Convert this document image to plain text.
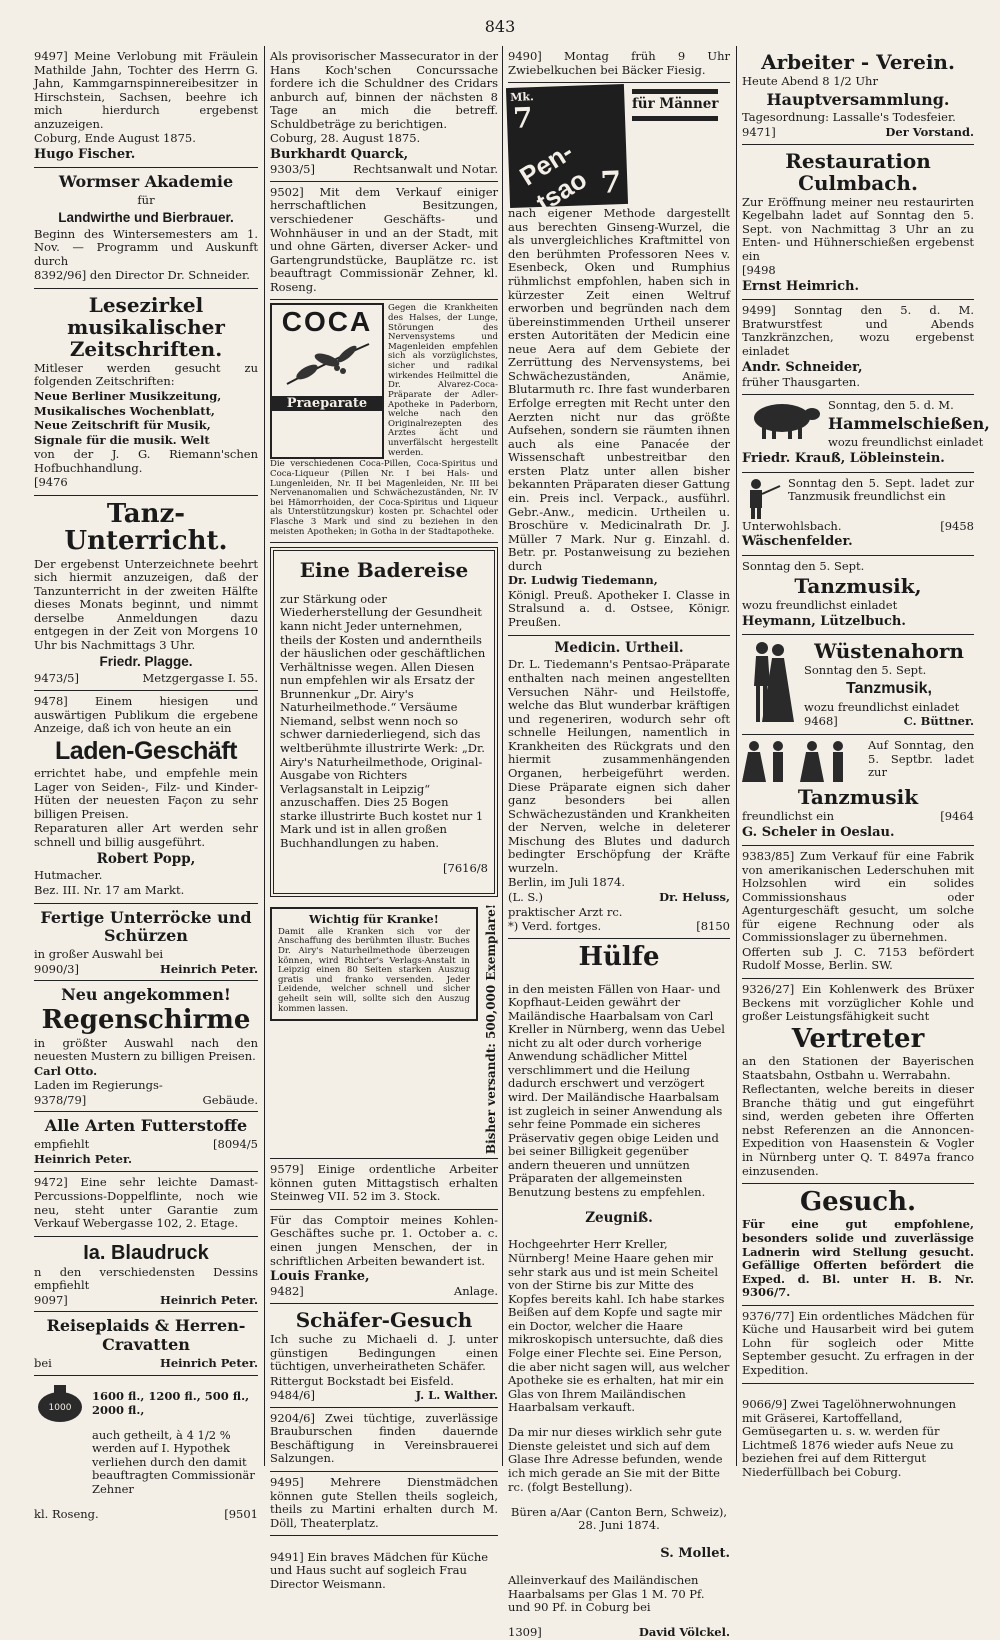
843

9497] Meine Verlobung mit Fräulein Mathilde Jahn, Tochter des Herrn G. Jahn, Kammgarnspinnereibesitzer in Hirschstein, Sachsen, beehre ich mich hierdurch ergebenst anzuzeigen.

Coburg, Ende August 1875.

Hugo Fischer.

Wormser Akademie
für
Landwirthe und Bierbrauer.

Beginn des Wintersemesters am 1. Nov. — Programm und Auskunft durch

8392/96] den Director Dr. Schneider.

Lesezirkel musikalischer Zeitschriften.

Mitleser werden gesucht zu folgenden Zeitschriften:

Neue Berliner Musikzeitung,

Musikalisches Wochenblatt,

Neue Zeitschrift für Musik,

Signale für die musik. Welt

von der J. G. Riemann'schen Hofbuchhandlung.

[9476

Tanz-Unterricht.

Der ergebenst Unterzeichnete beehrt sich hiermit anzuzeigen, daß der Tanzunterricht in der zweiten Hälfte dieses Monats beginnt, und nimmt derselbe Anmeldungen dazu entgegen in der Zeit von Morgens 10 Uhr bis Nachmittags 3 Uhr.

Friedr. Plagge.
9473/5]	Metzgergasse I. 55.

9478] Einem hiesigen und auswärtigen Publikum die ergebene Anzeige, daß ich von heute an ein

Laden-Geschäft

errichtet habe, und empfehle mein Lager von Seiden-, Filz- und Kinder-Hüten der neuesten Façon zu sehr billigen Preisen.

Reparaturen aller Art werden sehr schnell und billig ausgeführt.

Robert Popp,

Hutmacher.

Bez. III. Nr. 17 am Markt.

Fertige Unterröcke und Schürzen

in großer Auswahl bei

9090/3]	Heinrich Peter.
Neu angekommen!
Regenschirme

in größter Auswahl nach den neuesten Mustern zu billigen Preisen.

Carl Otto.

Laden im Regierungs-

9378/79]	Gebäude.
Alle Arten Futterstoffe
empfiehlt	[8094/5

Heinrich Peter.

9472] Eine sehr leichte Damast-Percussions-Doppelflinte, noch wie neu, steht unter Garantie zum Verkauf Webergasse 102, 2. Etage.

Ia. Blaudruck

n den verschiedensten Dessins empfiehlt

9097]	Heinrich Peter.
Reiseplaids & Herren-Cravatten
bei	Heinrich Peter.
1000

1600 fl., 1200 fl., 500 fl., 2000 fl.,

auch getheilt, à 4 1/2 % werden auf I. Hypothek verliehen durch den damit beauftragten Commissionär Zehner

kl. Roseng.	[9501

Als provisorischer Massecurator in der Hans Koch'schen Concurssache fordere ich die Schuldner des Cridars anburch auf, binnen der nächsten 8 Tage an mich die betreff. Schuldbeträge zu berichtigen.

Coburg, 28. August 1875.

Burkhardt Quarck,

9303/5]	Rechtsanwalt und Notar.

9502] Mit dem Verkauf einiger herrschaftlichen Besitzungen, verschiedener Geschäfts- und Wohnhäuser in und an der Stadt, mit und ohne Gärten, diverser Acker- und Gartengrundstücke, Bauplätze rc. ist beauftragt Commissionär Zehner, kl. Roseng.

COCA
Praeparate

Gegen die Krankheiten des Halses, der Lunge, Störungen des Nervensystems und Magenleiden empfehlen sich als vorzüglichstes, sicher und radikal wirkendes Heilmittel die Dr. Alvarez-Coca-Präparate der Adler-Apotheke in Paderborn, welche nach den Originalrezepten des Arztes ächt und unverfälscht hergestellt werden.

Die verschiedenen Coca-Pillen, Coca-Spiritus und Coca-Liqueur (Pillen Nr. I bei Hals- und Lungenleiden, Nr. II bei Magenleiden, Nr. III bei Nervenanomalien und Schwächezuständen, Nr. IV bei Hämorrhoiden, der Coca-Spiritus und Liqueur als Unterstützungskur) kosten pr. Schachtel oder Flasche 3 Mark und sind zu beziehen in den meisten Apotheken; in Gotha in der Stadtapotheke.

Eine Badereise

zur Stärkung oder Wiederherstellung der Gesundheit kann nicht Jeder unternehmen, theils der Kosten und anderntheils der häuslichen oder geschäftlichen Verhältnisse wegen. Allen Diesen nun empfehlen wir als Ersatz der Brunnenkur „Dr. Airy's Naturheilmethode.“ Versäume Niemand, selbst wenn noch so schwer darniederliegend, sich das weltberühmte illustrirte Werk: „Dr. Airy's Naturheilmethode, Original-Ausgabe von Richters Verlagsanstalt in Leipzig“ anzuschaffen. Dies 25 Bogen starke illustrirte Buch kostet nur 1 Mark und ist in allen großen Buchhandlungen zu haben.

[7616/8

Wichtig für Kranke!

Damit alle Kranken sich vor der Anschaffung des berühmten illustr. Buches Dr. Airy's Naturheilmethode überzeugen können, wird Richter's Verlags-Anstalt in Leipzig einen 80 Seiten starken Auszug gratis und franko versenden. Jeder Leidende, welcher schnell und sicher geheilt sein will, sollte sich den Auszug kommen lassen.	Bisher versandt: 500,000 Exemplare!

9579] Einige ordentliche Arbeiter können guten Mittagstisch erhalten Steinweg VII. 52 im 3. Stock.

Für das Comptoir meines Kohlen-Geschäftes suche pr. 1. October a. c. einen jungen Menschen, der in schriftlichen Arbeiten bewandert ist.

Louis Franke,

9482]	Anlage.
Schäfer-Gesuch

Ich suche zu Michaeli d. J. unter günstigen Bedingungen einen tüchtigen, unverheiratheten Schäfer.

Rittergut Bockstadt bei Eisfeld.

9484/6]	J. L. Walther.

9204/6] Zwei tüchtige, zuverlässige Brauburschen finden dauernde Beschäftigung in Vereinsbrauerei Salzungen.

9495] Mehrere Dienstmädchen können gute Stellen theils sogleich, theils zu Martini erhalten durch M. Döll, Theaterplatz.

9491] Ein braves Mädchen für Küche und Haus sucht auf sogleich Frau Director Weismann.

9490] Montag früh 9 Uhr Zwiebelkuchen bei Bäcker Fiesig.

Mk.
7
Pen-tsao 7
für Männer

nach eigener Methode dargestellt aus berechten Ginseng-Wurzel, die als unvergleichliches Kraftmittel von den berühmten Professoren Nees v. Esenbeck, Oken und Rumphius rühmlichst empfohlen, haben sich in kürzester Zeit einen Weltruf erworben und begründen nach dem übereinstimmenden Urtheil unserer ersten Autoritäten der Medicin eine neue Aera auf dem Gebiete der Zerrüttung des Nervensystems, bei Schwächezuständen, Anämie, Blutarmuth rc. Ihre fast wunderbaren Erfolge erregten mit Recht unter den Aerzten nicht nur das größte Aufsehen, sondern sie räumten ihnen auch als eine Panacée der Wissenschaft unbestreitbar den ersten Platz unter allen bisher bekannten Präparaten dieser Gattung ein. Preis incl. Verpack., ausführl. Gebr.-Anw., medicin. Urtheilen u. Broschüre v. Medicinalrath Dr. J. Müller 7 Mark. Nur g. Einzahl. d. Betr. pr. Postanweisung zu beziehen durch

Dr. Ludwig Tiedemann,

Königl. Preuß. Apotheker I. Classe in Stralsund a. d. Ostsee, Königr. Preußen.

Medicin. Urtheil.

Dr. L. Tiedemann's Pentsao-Präparate enthalten nach meinen angestellten Versuchen Nähr- und Heilstoffe, welche das Blut wunderbar kräftigen und regeneriren, wodurch sehr oft schnelle Heilungen, namentlich in Krankheiten des Rückgrats und den hiermit zusammenhängenden Organen, herbeigeführt werden. Diese Präparate eignen sich daher ganz besonders bei allen Schwächezuständen und Krankheiten der Nerven, welche in deleterer Mischung des Blutes und dadurch bedingter Erschöpfung der Kräfte wurzeln.

Berlin, im Juli 1874.

(L. S.)	Dr. Heluss,

praktischer Arzt rc.

*) Verd. fortges.	[8150
Hülfe

in den meisten Fällen von Haar- und Kopfhaut-Leiden gewährt der Mailändische Haarbalsam von Carl Kreller in Nürnberg, wenn das Uebel nicht zu alt oder durch vorherige Anwendung schädlicher Mittel verschlimmert und die Heilung dadurch erschwert und verzögert wird. Der Mailändische Haarbalsam ist zugleich in seiner Anwendung als sehr feine Pommade ein sicheres Präservativ gegen obige Leiden und bei seiner Billigkeit gegenüber andern theueren und unnützen Präparaten der allgemeinsten Benutzung bestens zu empfehlen.

Zeugniß.

Hochgeehrter Herr Kreller, Nürnberg! Meine Haare gehen mir sehr stark aus und ist mein Scheitel von der Stirne bis zur Mitte des Kopfes bereits kahl. Ich habe starkes Beißen auf dem Kopfe und sagte mir ein Doctor, welcher die Haare mikroskopisch untersuchte, daß dies Folge einer Flechte sei. Eine Person, die aber nicht sagen will, aus welcher Apotheke sie es erhalten, hat mir ein Glas von Ihrem Mailändischen Haarbalsam verkauft.

Da mir nur dieses wirklich sehr gute Dienste geleistet und sich auf dem Glase Ihre Adresse befunden, wende ich mich gerade an Sie mit der Bitte rc. (folgt Bestellung).

Büren a/Aar (Canton Bern, Schweiz), 28. Juni 1874.

S. Mollet.

Alleinverkauf des Mailändischen Haarbalsams per Glas 1 M. 70 Pf. und 90 Pf. in Coburg bei

1309]	David Völckel.
Arbeiter - Verein.

Heute Abend 8 1/2 Uhr

Hauptversammlung.

Tagesordnung: Lassalle's Todesfeier.

9471]	Der Vorstand.
Restauration Culmbach.

Zur Eröffnung meiner neu restaurirten Kegelbahn ladet auf Sonntag den 5. Sept. von Nachmittag 3 Uhr an zu Enten- und Hühnerschießen ergebenst ein

[9498

Ernst Heimrich.

9499] Sonntag den 5. d. M. Bratwurstfest und Abends Tanzkränzchen, wozu ergebenst einladet

Andr. Schneider,

früher Thausgarten.

Sonntag, den 5. d. M.

Hammelschießen,

wozu freundlichst einladet

Friedr. Krauß, Löbleinstein.

Sonntag den 5. Sept. ladet zur Tanzmusik freundlichst ein

Unterwohlsbach.	[9458

Wäschenfelder.

Sonntag den 5. Sept.

Tanzmusik,

wozu freundlichst einladet

Heymann, Lützelbuch.

Wüstenahorn

Sonntag den 5. Sept.

Tanzmusik,

wozu freundlichst einladet

9468]	C. Büttner.

Auf Sonntag, den 5. Septbr. ladet zur

Tanzmusik
freundlichst ein	[9464

G. Scheler in Oeslau.

9383/85] Zum Verkauf für eine Fabrik von amerikanischen Lederschuhen mit Holzsohlen wird ein solides Commissionshaus oder Agenturgeschäft gesucht, um solche für eigene Rechnung oder als Commissionslager zu übernehmen.

Offerten sub J. C. 7153 befördert Rudolf Mosse, Berlin. SW.

9326/27] Ein Kohlenwerk des Brüxer Beckens mit vorzüglicher Kohle und großer Leistungsfähigkeit sucht

Vertreter

an den Stationen der Bayerischen Staatsbahn, Ostbahn u. Werrabahn.

Reflectanten, welche bereits in dieser Branche thätig und gut eingeführt sind, werden gebeten ihre Offerten nebst Referenzen an die Annoncen-Expedition von Haasenstein & Vogler in Nürnberg unter Q. T. 8497a franco einzusenden.

Gesuch.

Für eine gut empfohlene, besonders solide und zuverlässige Ladnerin wird Stellung gesucht. Gefällige Offerten befördert die Exped. d. Bl. unter H. B. Nr. 9306/7.

9376/77] Ein ordentliches Mädchen für Küche und Hausarbeit wird bei gutem Lohn für sogleich oder Mitte September gesucht. Zu erfragen in der Expedition.

9066/9] Zwei Tagelöhnerwohnungen mit Gräserei, Kartoffelland, Gemüsegarten u. s. w. werden für Lichtmeß 1876 wieder aufs Neue zu beziehen frei auf dem Rittergut Niederfüllbach bei Coburg.
